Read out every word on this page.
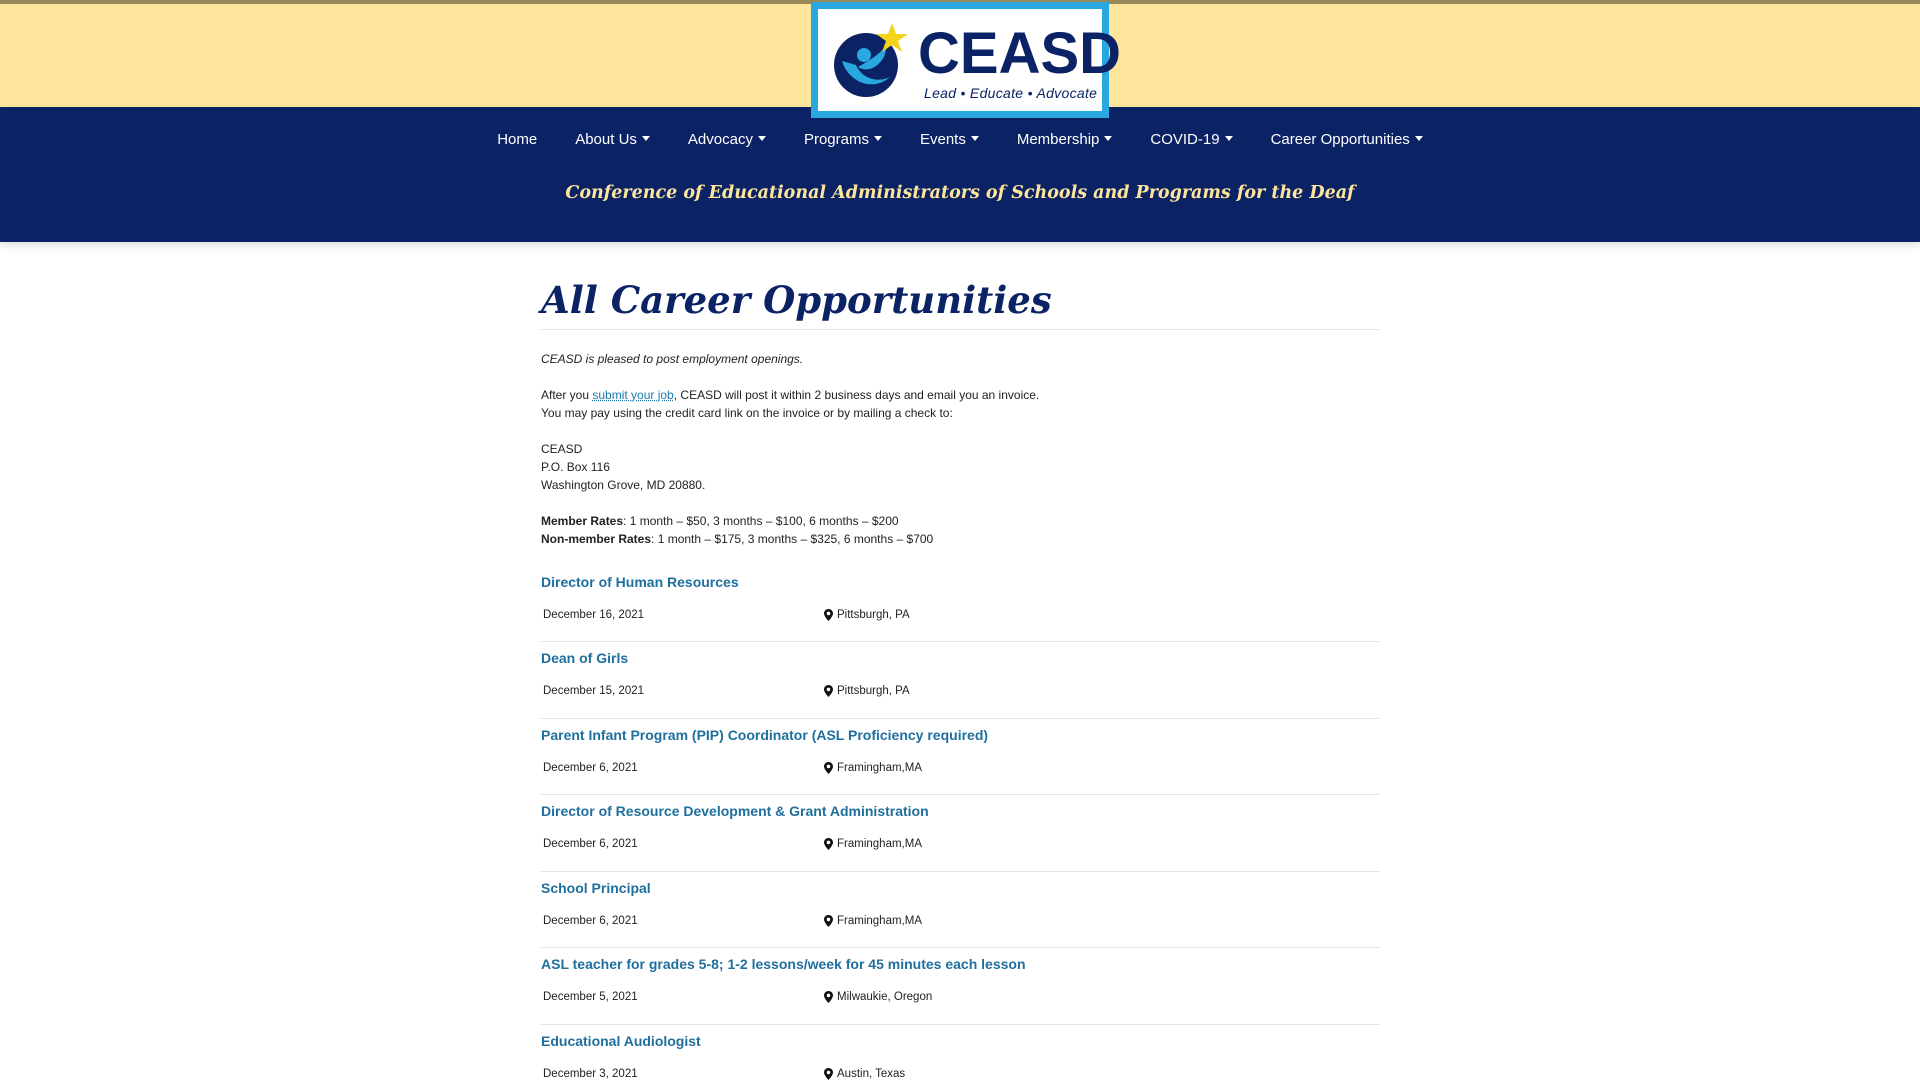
CEASD
Lead • Educate • Advocate
Home	About Us	Advocacy	Programs	Events	Membership	COVID-19	Career Opportunities
Conference of Educational Administrators of Schools and Programs for the Deaf
All Career Opportunities

CEASD is pleased to post employment openings.

After you submit your job, CEASD will post it within 2 business days and email you an invoice.
You may pay using the credit card link on the invoice or by mailing a check to:

CEASD
P.O. Box 116
Washington Grove, MD 20880.

Member Rates: 1 month – $50, 3 months – $100, 6 months – $200
Non-member Rates: 1 month – $175, 3 months – $325, 6 months – $700

Director of Human Resources
December 16, 2021	Pittsburgh, PA
Dean of Girls
December 15, 2021	Pittsburgh, PA
Parent Infant Program (PIP) Coordinator (ASL Proficiency required)
December 6, 2021	Framingham,MA
Director of Resource Development & Grant Administration
December 6, 2021	Framingham,MA
School Principal
December 6, 2021	Framingham,MA
ASL teacher for grades 5-8; 1-2 lessons/week for 45 minutes each lesson
December 5, 2021	Milwaukie, Oregon
Educational Audiologist
December 3, 2021	Austin, Texas
